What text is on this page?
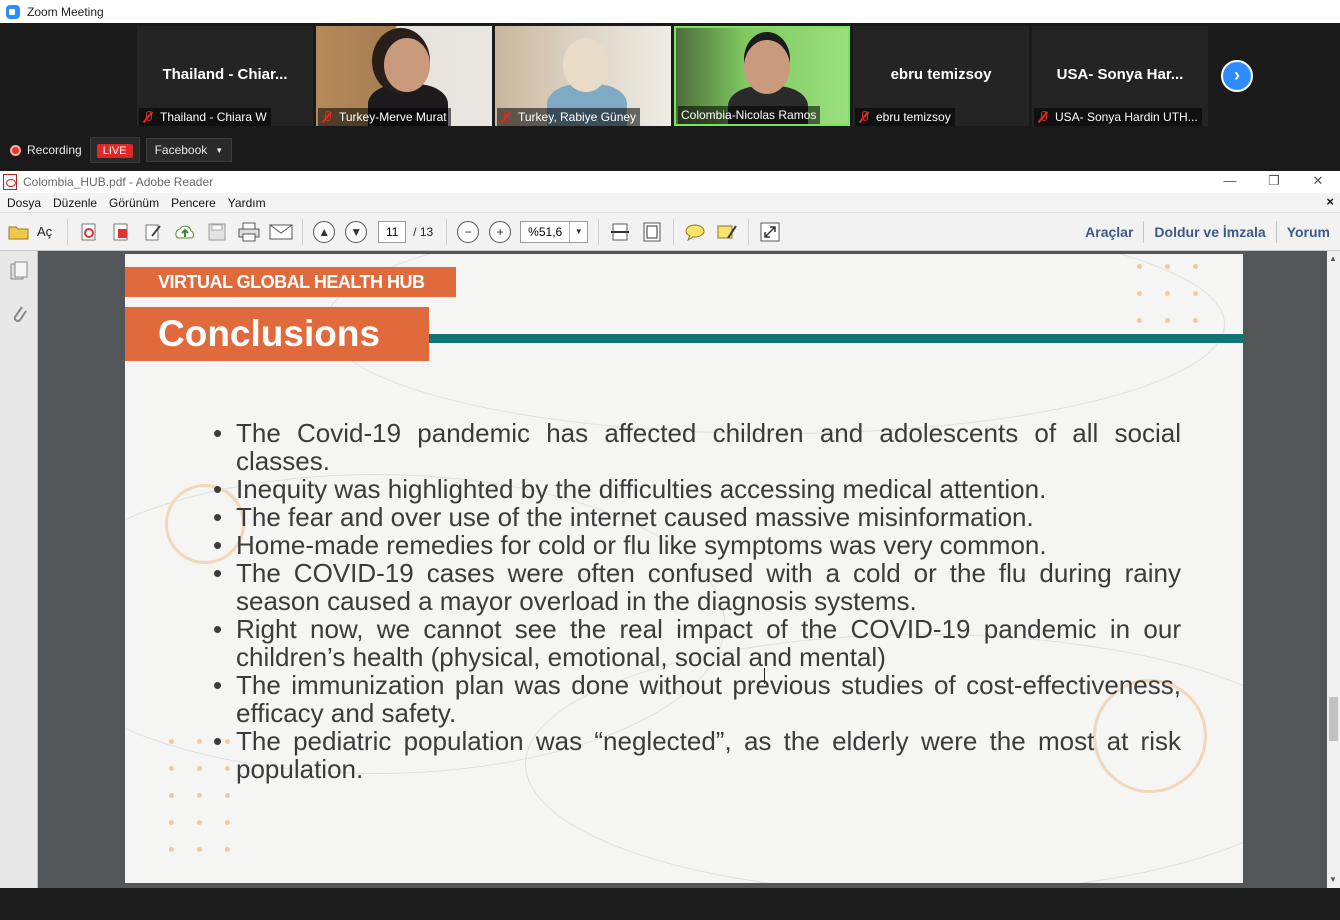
Zoom Meeting
Thailand - Chiar...
Thailand - Chiara W	Turkey-Merve Murat	Turkey, Rabiye Güney	Colombia-Nicolas Ramos
ebru temizsoy
ebru temizsoy
USA- Sonya Har...
USA- Sonya Hardin UTH...
›
Recording	LIVE	Facebook ▼
Colombia_HUB.pdf - Adobe Reader	—	❐	✕
Dosya Düzenle Görünüm Pencere Yardım	×
Aç	▲ ▼	11	/ 13	− +	%51,6	▼	Araçlar	Doldur ve İmzala	Yorum
▲
▼
VIRTUAL GLOBAL HEALTH HUB
Conclusions
• The Covid-19 pandemic has affected children and adolescents of all social classes.
• Inequity was highlighted by the difficulties accessing medical attention.
• The fear and over use of the internet caused massive misinformation.
• Home-made remedies for cold or flu like symptoms was very common.
• The COVID-19 cases were often confused with a cold or the flu during rainy season caused a mayor overload in the diagnosis systems.
• Right now, we cannot see the real impact of the COVID-19 pandemic in our children’s health (physical, emotional, social and mental)
• The immunization plan was done without previous studies of cost-effectiveness, efficacy and safety.
• The pediatric population was “neglected”, as the elderly were the most at risk population.
